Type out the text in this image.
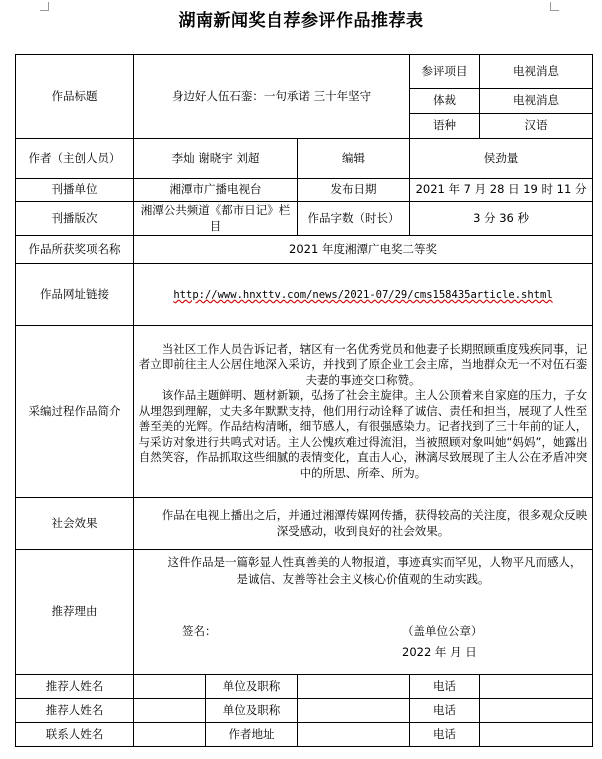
湖南新闻奖自荐参评作品推荐表
作品标题	身边好人伍石銮：一句承诺 三十年坚守			参评项目	电视消息
				体裁	电视消息
				语种	汉语
作者（主创人员）	李灿 谢晓宇 刘超		编辑	侯劲量	
刊播单位	湘潭市广播电视台		发布日期	2021 年 7 月 28 日 19 时 11 分	
刊播版次	湘潭公共频道《都市日记》栏目		作品字数（时长）	3 分 36 秒	
作品所获奖项名称	2021 年度湘潭广电奖二等奖				
作品网址链接	http://www.hnxttv.com/news/2021-07/29/cms158435article.shtml				
采编过程作品简介	当社区工作人员告诉记者，辖区有一名优秀党员和他妻子长期照顾重度残疾同事，记者立即前往主人公居住地深入采访，并找到了原企业工会主席，当地群众无一不对伍石銮夫妻的事迹交口称赞。

该作品主题鲜明、题材新颖，弘扬了社会主旋律。主人公顶着来自家庭的压力，子女从埋怨到理解，丈夫多年默默支持，他们用行动诠释了诚信、责任和担当，展现了人性至善至美的光辉。作品结构清晰，细节感人，有很强感染力。记者找到了三十年前的证人，与采访对象进行共鸣式对话。主人公愧疚难过得流泪，当被照顾对象叫她“妈妈”，她露出自然笑容，作品抓取这些细腻的表情变化，直击人心，淋漓尽致展现了主人公在矛盾冲突中的所思、所牵、所为。				

社会效果	作品在电视上播出之后，并通过湘潭传媒网传播，获得较高的关注度，很多观众反映深受感动，收到良好的社会效果。				

推荐理由	这件作品是一篇彰显人性真善美的人物报道，事迹真实而罕见，人物平凡而感人，是诚信、友善等社会主义核心价值观的生动实践。

签名： （盖单位公章）
2022 年 月 日				

推荐人姓名		单位及职称		电话	
推荐人姓名		单位及职称		电话	
联系人姓名		作者地址		电话	
